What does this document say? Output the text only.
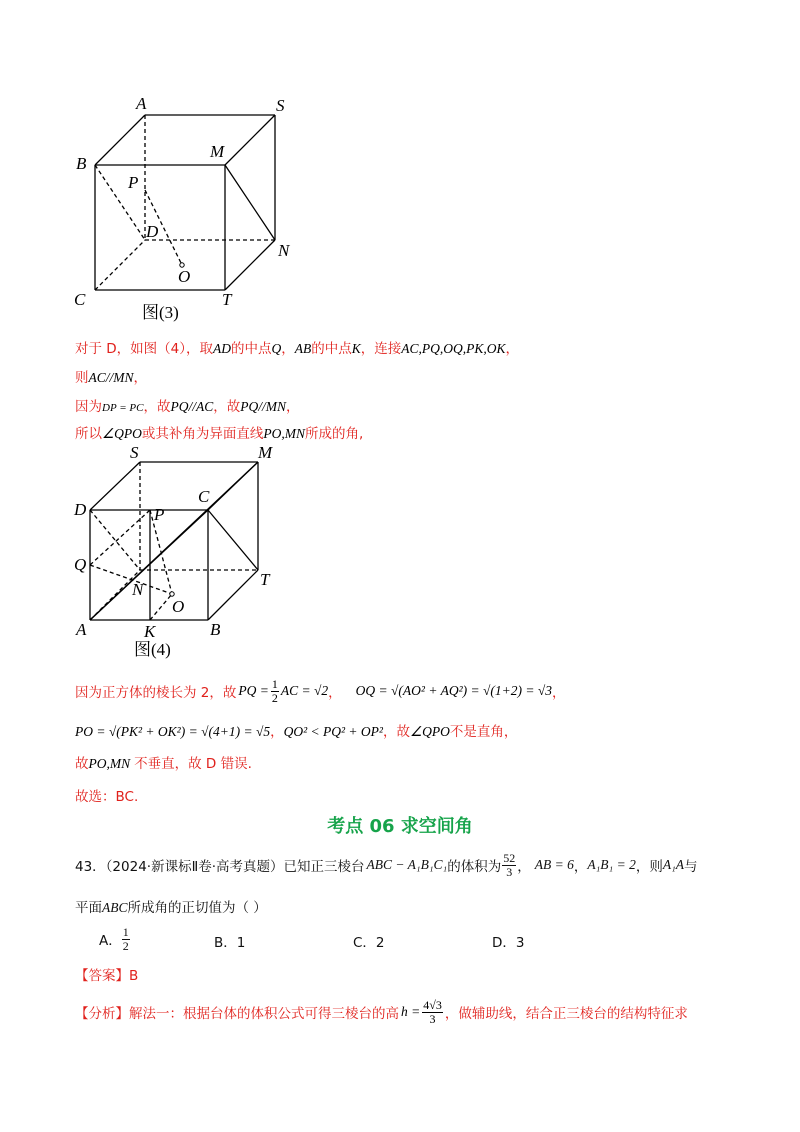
A	S
B
M
P
D
N
O
C	T
图(3)
对于 D，如图（4），取AD的中点Q，AB的中点K，连接AC,PQ,OQ,PK,OK，
则AC//MN，
因为DP = PC，故PQ//AC，故PQ//MN，
所以∠QPO或其补角为异面直线PO,MN所成的角,
S	M
D
C
P
Q
T
N
O
A	K	B
图(4)
因为正方体的棱长为 2，故 PQ = $\frac{1}{2}$ AC = √2 ， OQ = √(AO² + AQ²) = √(1+2) = √3 ，
PO = √(PK² + OK²) = √(4+1) = √5，QO² < PQ² + OP²，故∠QPO不是直角，
故PO,MN 不垂直，故 D 错误.
故选：BC.
考点 06 求空间角
43．（2024·新课标Ⅱ卷·高考真题）已知正三棱台 ABC − A₁B₁C₁ 的体积为 $\frac{52}{3}$ ， AB = 6 ， A₁B₁ = 2 ，则 A₁A 与
平面ABC所成角的正切值为（ ）
A． $\frac{1}{2}$	B．1	C．2	D．3
【答案】B
【分析】解法一：根据台体的体积公式可得三棱台的高 $h = \frac{4√3}{3}$ ，做辅助线，结合正三棱台的结构特征求
